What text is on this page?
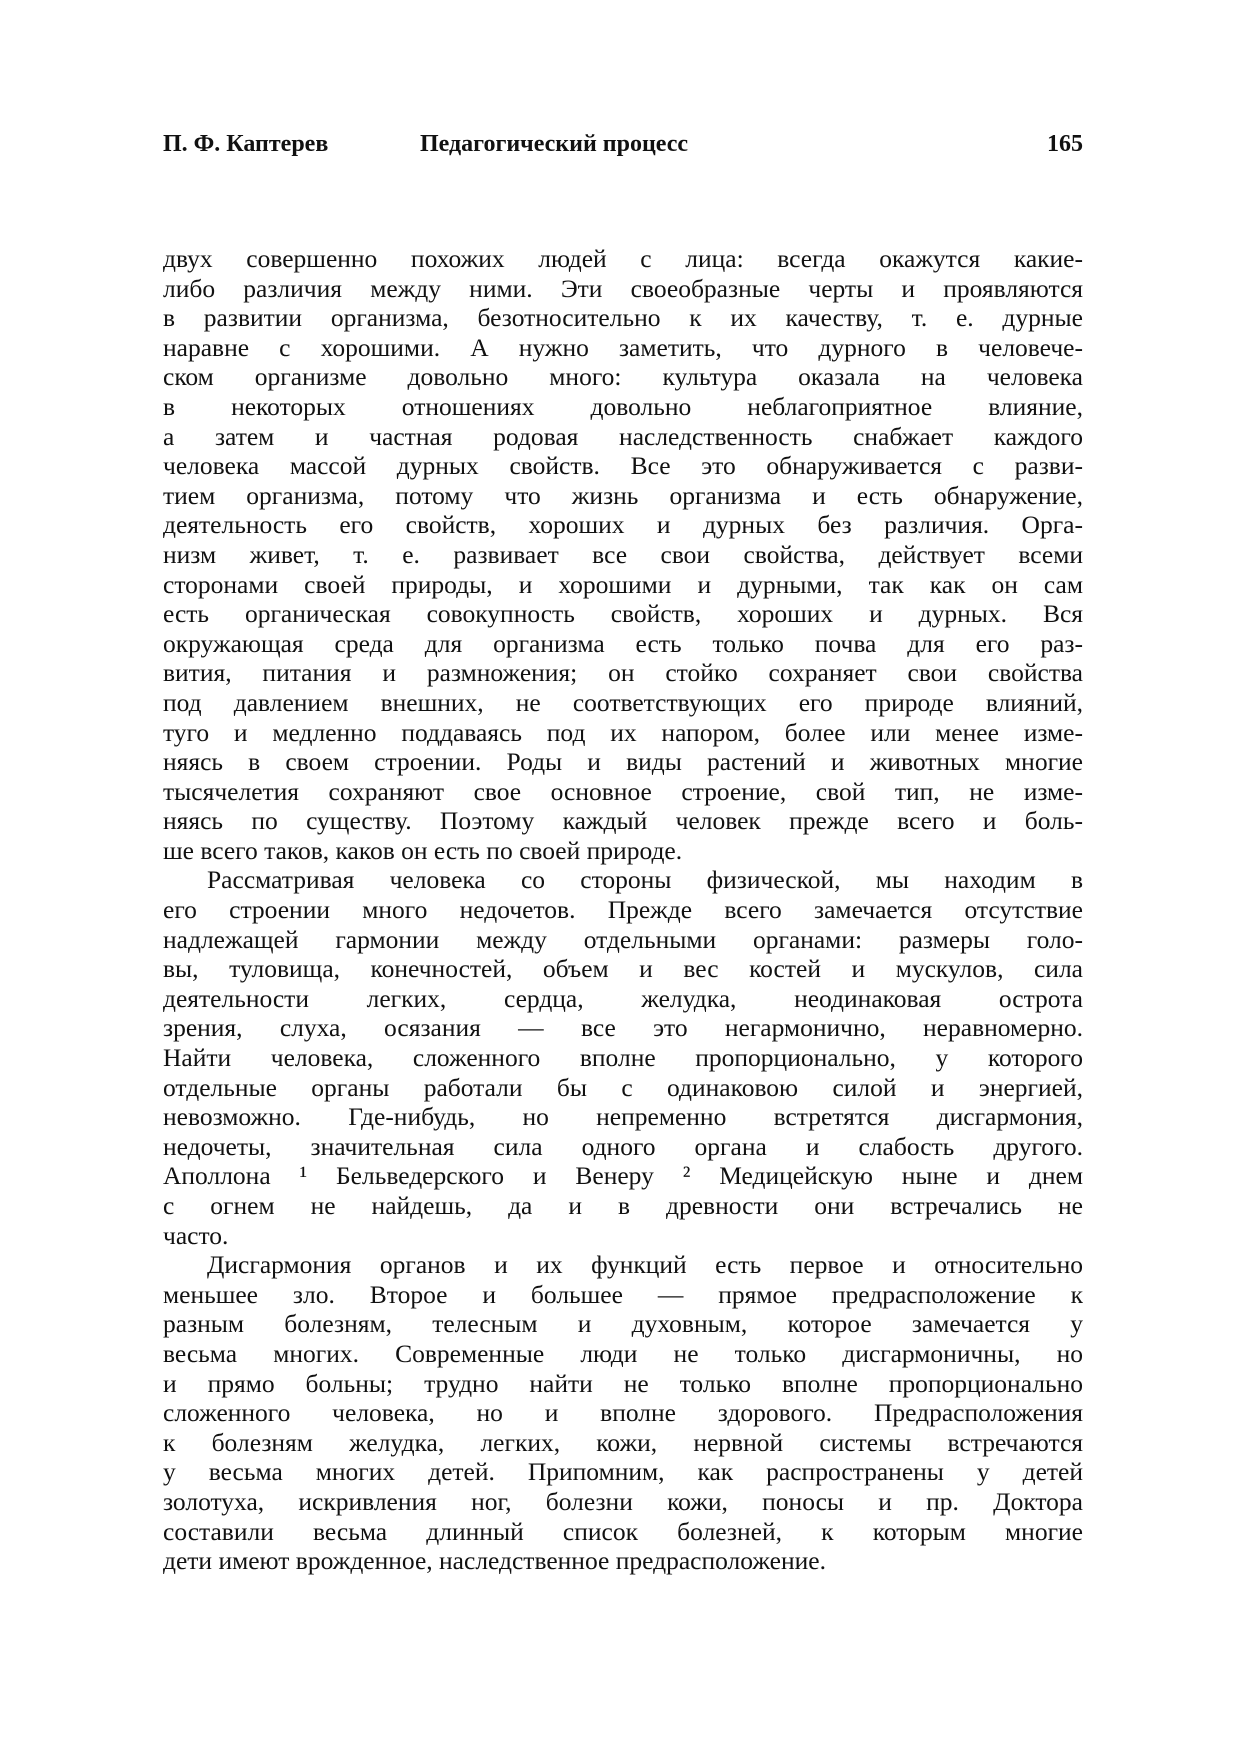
П. Ф. Каптерев	Педагогический процесс	165
двух совершенно похожих людей с лица: всегда окажутся какие-
либо различия между ними. Эти своеобразные черты и проявляются
в развитии организма, безотносительно к их качеству, т. е. дурные
наравне с хорошими. А нужно заметить, что дурного в человече-
ском организме довольно много: культура оказала на человека
в некоторых отношениях довольно неблагоприятное влияние,
а затем и частная родовая наследственность снабжает каждого
человека массой дурных свойств. Все это обнаруживается с разви-
тием организма, потому что жизнь организма и есть обнаружение,
деятельность его свойств, хороших и дурных без различия. Орга-
низм живет, т. е. развивает все свои свойства, действует всеми
сторонами своей природы, и хорошими и дурными, так как он сам
есть органическая совокупность свойств, хороших и дурных. Вся
окружающая среда для организма есть только почва для его раз-
вития, питания и размножения; он стойко сохраняет свои свойства
под давлением внешних, не соответствующих его природе влияний,
туго и медленно поддаваясь под их напором, более или менее изме-
няясь в своем строении. Роды и виды растений и животных многие
тысячелетия сохраняют свое основное строение, свой тип, не изме-
няясь по существу. Поэтому каждый человек прежде всего и боль-
ше всего таков, каков он есть по своей природе.
Рассматривая человека со стороны физической, мы находим в
его строении много недочетов. Прежде всего замечается отсутствие
надлежащей гармонии между отдельными органами: размеры голо-
вы, туловища, конечностей, объем и вес костей и мускулов, сила
деятельности легких, сердца, желудка, неодинаковая острота
зрения, слуха, осязания — все это негармонично, неравномерно.
Найти человека, сложенного вполне пропорционально, у которого
отдельные органы работали бы с одинаковою силой и энергией,
невозможно. Где-нибудь, но непременно встретятся дисгармония,
недочеты, значительная сила одного органа и слабость другого.
Аполлона ¹ Бельведерского и Венеру ² Медицейскую ныне и днем
с огнем не найдешь, да и в древности они встречались не
часто.
Дисгармония органов и их функций есть первое и относительно
меньшее зло. Второе и большее — прямое предрасположение к
разным болезням, телесным и духовным, которое замечается у
весьма многих. Современные люди не только дисгармоничны, но
и прямо больны; трудно найти не только вполне пропорционально
сложенного человека, но и вполне здорового. Предрасположения
к болезням желудка, легких, кожи, нервной системы встречаются
у весьма многих детей. Припомним, как распространены у детей
золотуха, искривления ног, болезни кожи, поносы и пр. Доктора
составили весьма длинный список болезней, к которым многие
дети имеют врожденное, наследственное предрасположение.
